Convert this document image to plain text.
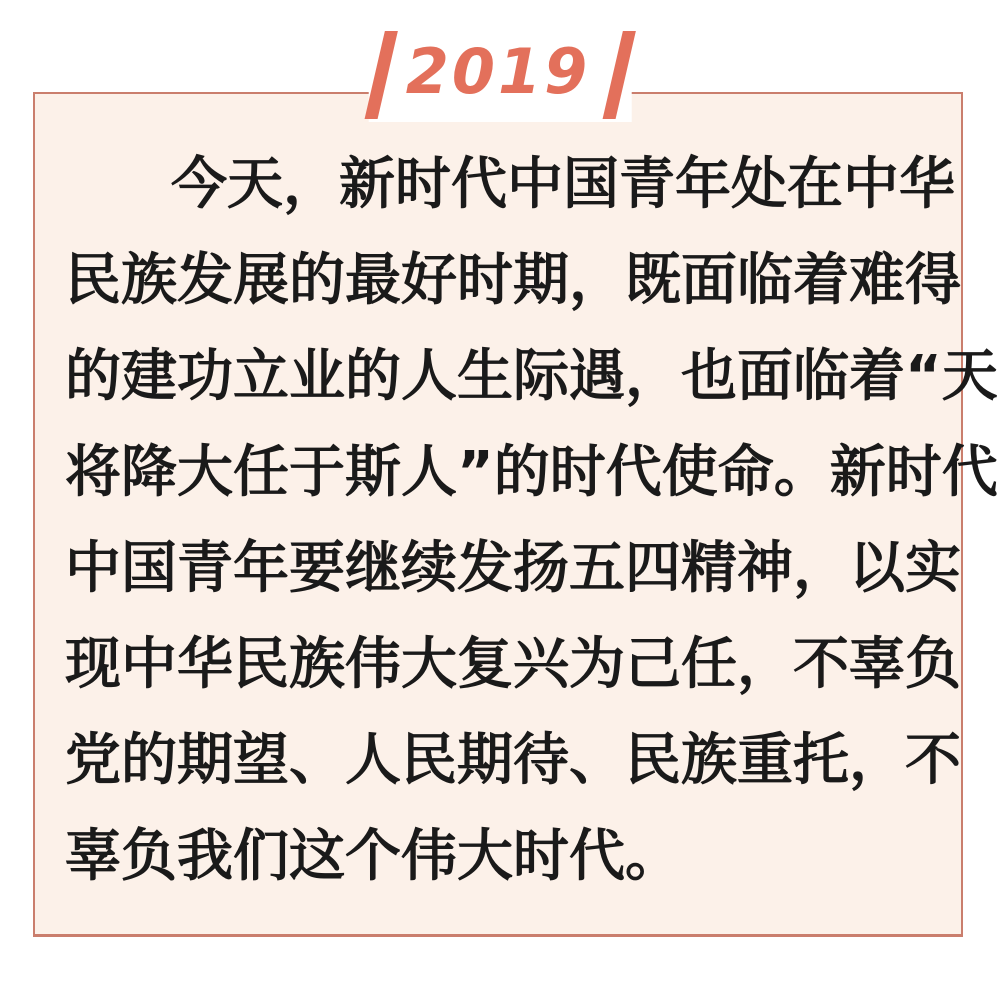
今天，新时代中国青年处在中华
民族发展的最好时期，既面临着难得
的建功立业的人生际遇，也面临着“天
将降大任于斯人”的时代使命。新时代
中国青年要继续发扬五四精神，以实
现中华民族伟大复兴为己任，不辜负
党的期望、人民期待、民族重托，不
辜负我们这个伟大时代。
2019
